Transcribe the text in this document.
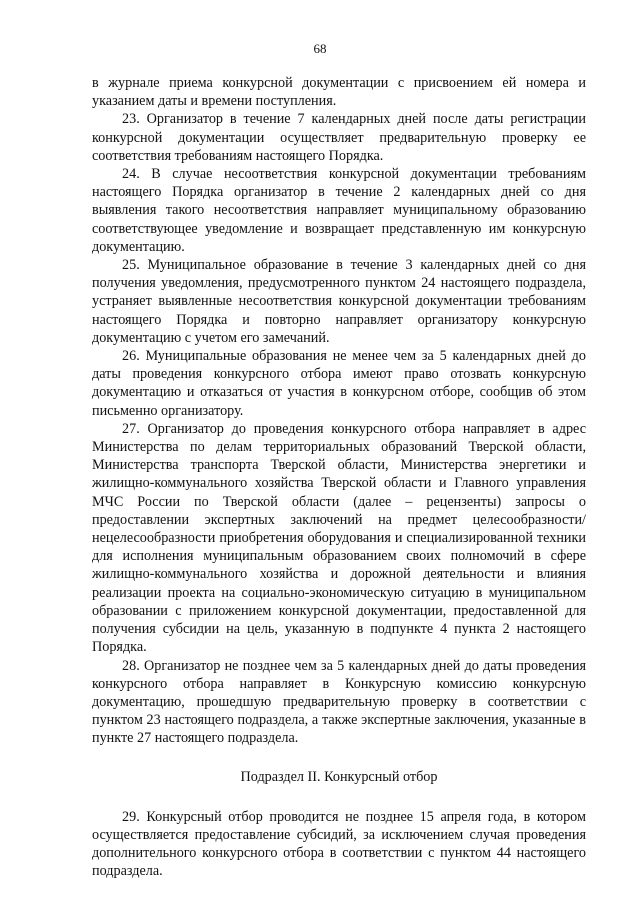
68

в журнале приема конкурсной документации с присвоением ей номера и указанием даты и времени поступления.

23. Организатор в течение 7 календарных дней после даты регистрации конкурсной документации осуществляет предварительную проверку ее соответствия требованиям настоящего Порядка.

24. В случае несоответствия конкурсной документации требованиям настоящего Порядка организатор в течение 2 календарных дней со дня выявления такого несоответствия направляет муниципальному образованию соответствующее уведомление и возвращает представленную им конкурсную документацию.

25. Муниципальное образование в течение 3 календарных дней со дня получения уведомления, предусмотренного пунктом 24 настоящего подраздела, устраняет выявленные несоответствия конкурсной документации требованиям настоящего Порядка и повторно направляет организатору конкурсную документацию с учетом его замечаний.

26. Муниципальные образования не менее чем за 5 календарных дней до даты проведения конкурсного отбора имеют право отозвать конкурсную документацию и отказаться от участия в конкурсном отборе, сообщив об этом письменно организатору.

27. Организатор до проведения конкурсного отбора направляет в адрес Министерства по делам территориальных образований Тверской области, Министерства транспорта Тверской области, Министерства энергетики и жилищно-коммунального хозяйства Тверской области и Главного управления МЧС России по Тверской области (далее – рецензенты) запросы о предоставлении экспертных заключений на предмет целесообразности/нецелесообразности приобретения оборудования и специализированной техники для исполнения муниципальным образованием своих полномочий в сфере жилищно-коммунального хозяйства и дорожной деятельности и влияния реализации проекта на социально-экономическую ситуацию в муниципальном образовании с приложением конкурсной документации, предоставленной для получения субсидии на цель, указанную в подпункте 4 пункта 2 настоящего Порядка.

28. Организатор не позднее чем за 5 календарных дней до даты проведения конкурсного отбора направляет в Конкурсную комиссию конкурсную документацию, прошедшую предварительную проверку в соответствии с пунктом 23 настоящего подраздела, а также экспертные заключения, указанные в пункте 27 настоящего подраздела.

Подраздел II. Конкурсный отбор

29. Конкурсный отбор проводится не позднее 15 апреля года, в котором осуществляется предоставление субсидий, за исключением случая проведения дополнительного конкурсного отбора в соответствии с пунктом 44 настоящего подраздела.
